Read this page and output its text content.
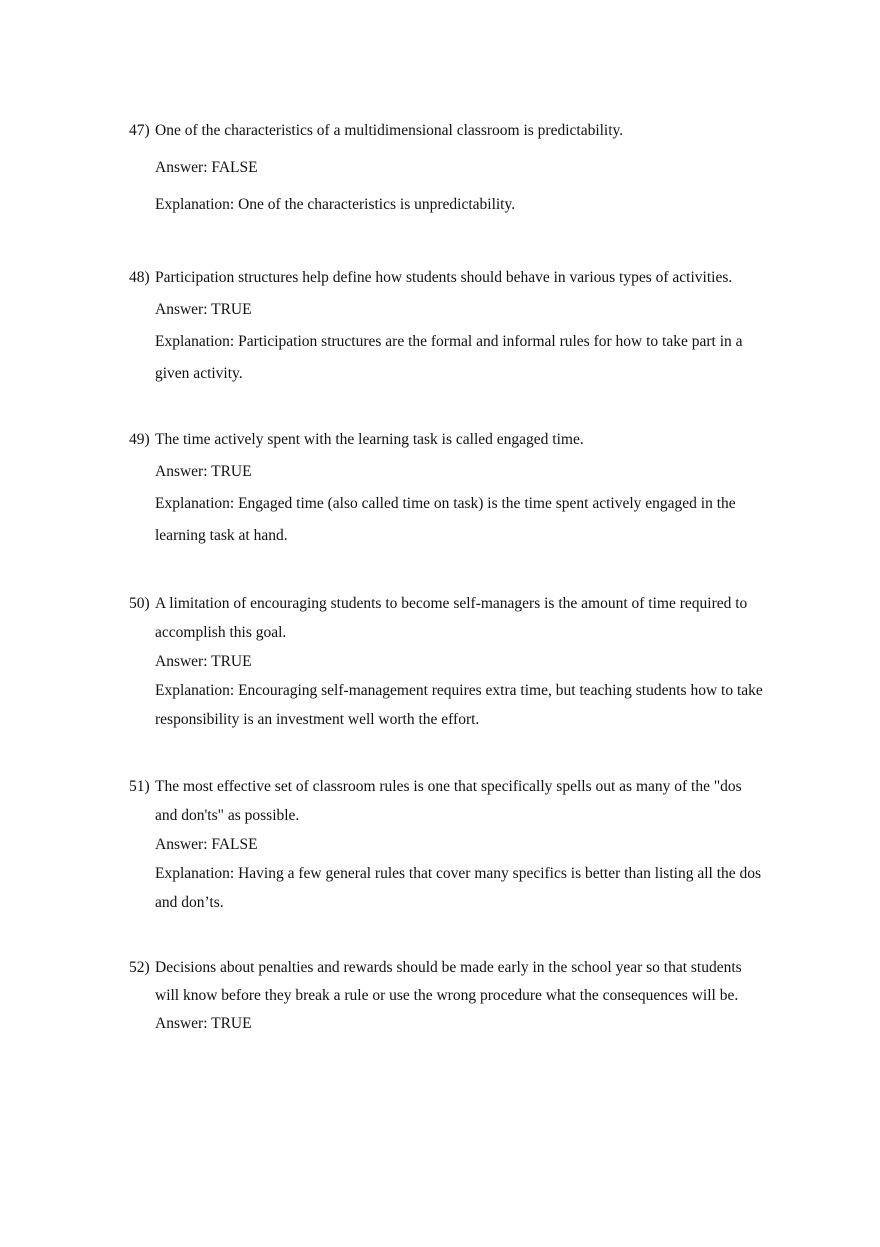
47) One of the characteristics of a multidimensional classroom is predictability.
Answer: FALSE
Explanation: One of the characteristics is unpredictability.
48) Participation structures help define how students should behave in various types of activities.
Answer: TRUE
Explanation: Participation structures are the formal and informal rules for how to take part in a
given activity.
49) The time actively spent with the learning task is called engaged time.
Answer: TRUE
Explanation: Engaged time (also called time on task) is the time spent actively engaged in the
learning task at hand.
50) A limitation of encouraging students to become self-managers is the amount of time required to
accomplish this goal.
Answer: TRUE
Explanation: Encouraging self-management requires extra time, but teaching students how to take
responsibility is an investment well worth the effort.
51) The most effective set of classroom rules is one that specifically spells out as many of the "dos
and don'ts" as possible.
Answer: FALSE
Explanation: Having a few general rules that cover many specifics is better than listing all the dos
and don’ts.
52) Decisions about penalties and rewards should be made early in the school year so that students
will know before they break a rule or use the wrong procedure what the consequences will be.
Answer: TRUE
